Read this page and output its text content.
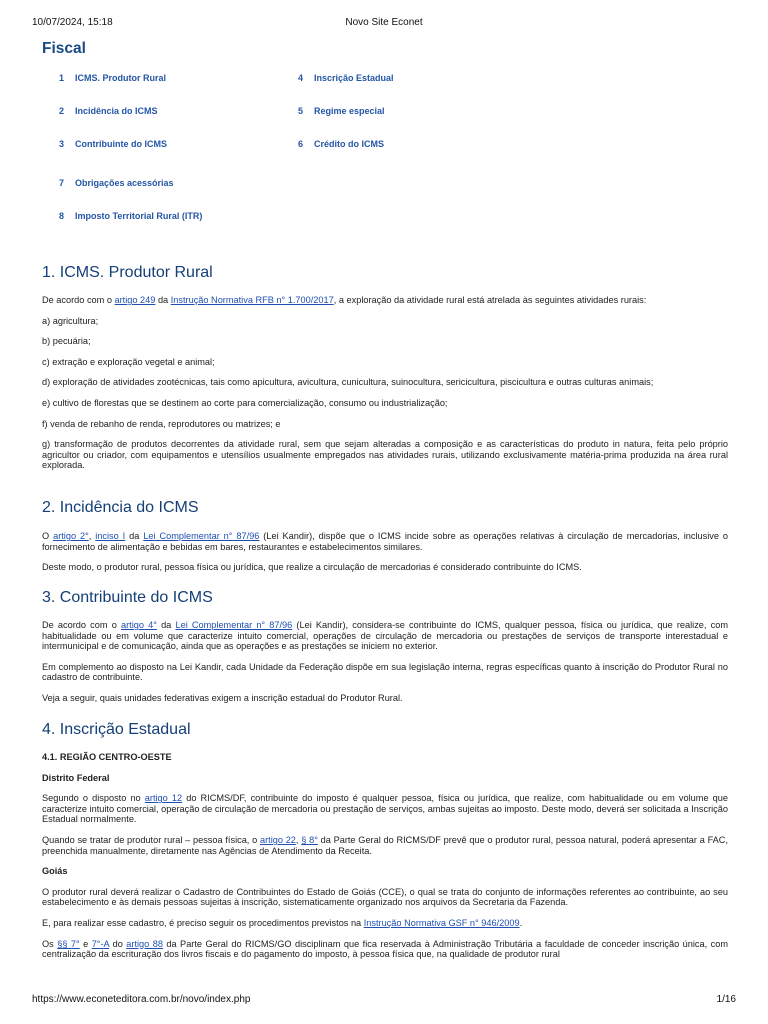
10/07/2024, 15:18	Novo Site Econet
Fiscal
1 ICMS. Produtor Rural
2 Incidência do ICMS
3 Contribuinte do ICMS
4 Inscrição Estadual
5 Regime especial
6 Crédito do ICMS
7 Obrigações acessórias
8 Imposto Territorial Rural (ITR)
1. ICMS. Produtor Rural

De acordo com o artigo 249 da Instrução Normativa RFB n° 1.700/2017, a exploração da atividade rural está atrelada às seguintes atividades rurais:

a) agricultura;

b) pecuária;

c) extração e exploração vegetal e animal;

d) exploração de atividades zootécnicas, tais como apicultura, avicultura, cunicultura, suinocultura, sericicultura, piscicultura e outras culturas animais;

e) cultivo de florestas que se destinem ao corte para comercialização, consumo ou industrialização;

f) venda de rebanho de renda, reprodutores ou matrizes; e

g) transformação de produtos decorrentes da atividade rural, sem que sejam alteradas a composição e as características do produto in natura, feita pelo próprio agricultor ou criador, com equipamentos e utensílios usualmente empregados nas atividades rurais, utilizando exclusivamente matéria-prima produzida na área rural explorada.

2. Incidência do ICMS

O artigo 2°, inciso I da Lei Complementar n° 87/96 (Lei Kandir), dispõe que o ICMS incide sobre as operações relativas à circulação de mercadorias, inclusive o fornecimento de alimentação e bebidas em bares, restaurantes e estabelecimentos similares.

Deste modo, o produtor rural, pessoa física ou jurídica, que realize a circulação de mercadorias é considerado contribuinte do ICMS.

3. Contribuinte do ICMS

De acordo com o artigo 4° da Lei Complementar n° 87/96 (Lei Kandir), considera-se contribuinte do ICMS, qualquer pessoa, física ou jurídica, que realize, com habitualidade ou em volume que caracterize intuito comercial, operações de circulação de mercadoria ou prestações de serviços de transporte interestadual e intermunicipal e de comunicação, ainda que as operações e as prestações se iniciem no exterior.

Em complemento ao disposto na Lei Kandir, cada Unidade da Federação dispõe em sua legislação interna, regras específicas quanto à inscrição do Produtor Rural no cadastro de contribuinte.

Veja a seguir, quais unidades federativas exigem a inscrição estadual do Produtor Rural.

4. Inscrição Estadual

4.1. REGIÃO CENTRO-OESTE

Distrito Federal

Segundo o disposto no artigo 12 do RICMS/DF, contribuinte do imposto é qualquer pessoa, física ou jurídica, que realize, com habitualidade ou em volume que caracterize intuito comercial, operação de circulação de mercadoria ou prestação de serviços, ambas sujeitas ao imposto. Deste modo, deverá ser solicitada a Inscrição Estadual normalmente.

Quando se tratar de produtor rural – pessoa física, o artigo 22, § 8° da Parte Geral do RICMS/DF prevê que o produtor rural, pessoa natural, poderá apresentar a FAC, preenchida manualmente, diretamente nas Agências de Atendimento da Receita.

Goiás

O produtor rural deverá realizar o Cadastro de Contribuintes do Estado de Goiás (CCE), o qual se trata do conjunto de informações referentes ao contribuinte, ao seu estabelecimento e às demais pessoas sujeitas à inscrição, sistematicamente organizado nos arquivos da Secretaria da Fazenda.

E, para realizar esse cadastro, é preciso seguir os procedimentos previstos na Instrução Normativa GSF n° 946/2009.

Os §§ 7° e 7°-A do artigo 88 da Parte Geral do RICMS/GO disciplinam que fica reservada à Administração Tributária a faculdade de conceder inscrição única, com centralização da escrituração dos livros fiscais e do pagamento do imposto, à pessoa física que, na qualidade de produtor rural

https://www.econeteditora.com.br/novo/index.php	1/16
